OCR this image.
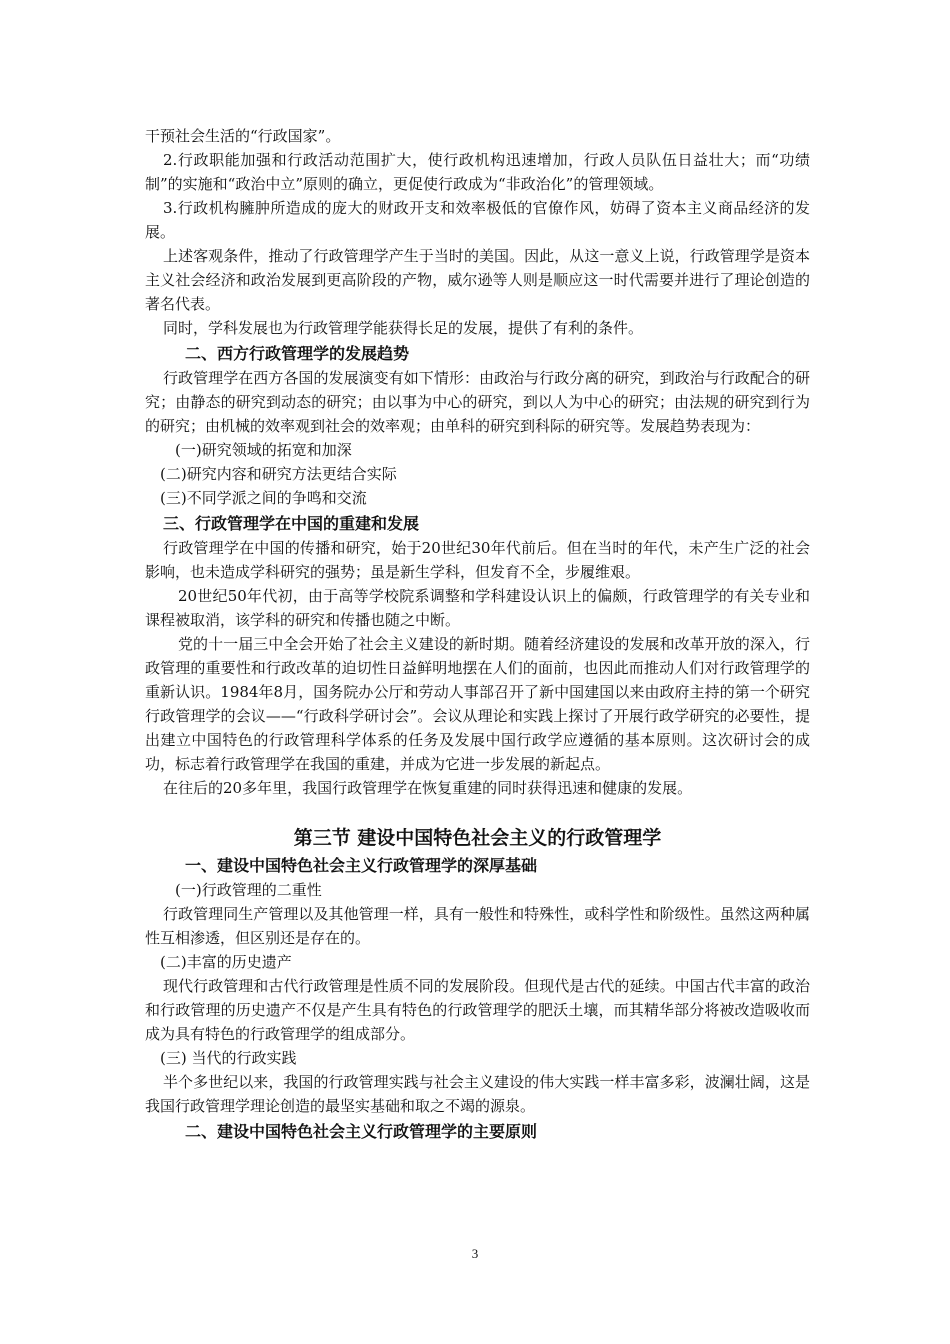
干预社会生活的“行政国家”。

2.行政职能加强和行政活动范围扩大，使行政机构迅速增加，行政人员队伍日益壮大；而“功绩制”的实施和“政治中立”原则的确立，更促使行政成为“非政治化”的管理领域。

3.行政机构臃肿所造成的庞大的财政开支和效率极低的官僚作风，妨碍了资本主义商品经济的发展。

上述客观条件，推动了行政管理学产生于当时的美国。因此，从这一意义上说，行政管理学是资本主义社会经济和政治发展到更高阶段的产物，威尔逊等人则是顺应这一时代需要并进行了理论创造的著名代表。

同时，学科发展也为行政管理学能获得长足的发展，提供了有利的条件。

二、西方行政管理学的发展趋势

行政管理学在西方各国的发展演变有如下情形：由政治与行政分离的研究，到政治与行政配合的研究；由静态的研究到动态的研究；由以事为中心的研究，到以人为中心的研究；由法规的研究到行为的研究；由机械的效率观到社会的效率观；由单科的研究到科际的研究等。发展趋势表现为：

(一)研究领域的拓宽和加深

(二)研究内容和研究方法更结合实际

(三)不同学派之间的争鸣和交流

三、行政管理学在中国的重建和发展

行政管理学在中国的传播和研究，始于20世纪30年代前后。但在当时的年代，未产生广泛的社会影响，也未造成学科研究的强势；虽是新生学科，但发育不全，步履维艰。

20世纪50年代初，由于高等学校院系调整和学科建设认识上的偏颇，行政管理学的有关专业和课程被取消，该学科的研究和传播也随之中断。

党的十一届三中全会开始了社会主义建设的新时期。随着经济建设的发展和改革开放的深入，行政管理的重要性和行政改革的迫切性日益鲜明地摆在人们的面前，也因此而推动人们对行政管理学的重新认识。1984年8月，国务院办公厅和劳动人事部召开了新中国建国以来由政府主持的第一个研究行政管理学的会议——“行政科学研讨会”。会议从理论和实践上探讨了开展行政学研究的必要性，提出建立中国特色的行政管理科学体系的任务及发展中国行政学应遵循的基本原则。这次研讨会的成功，标志着行政管理学在我国的重建，并成为它进一步发展的新起点。

在往后的20多年里，我国行政管理学在恢复重建的同时获得迅速和健康的发展。

第三节 建设中国特色社会主义的行政管理学

一、建设中国特色社会主义行政管理学的深厚基础

(一)行政管理的二重性

行政管理同生产管理以及其他管理一样，具有一般性和特殊性，或科学性和阶级性。虽然这两种属性互相渗透，但区别还是存在的。

(二)丰富的历史遗产

现代行政管理和古代行政管理是性质不同的发展阶段。但现代是古代的延续。中国古代丰富的政治和行政管理的历史遗产不仅是产生具有特色的行政管理学的肥沃土壤，而其精华部分将被改造吸收而成为具有特色的行政管理学的组成部分。

(三) 当代的行政实践

半个多世纪以来，我国的行政管理实践与社会主义建设的伟大实践一样丰富多彩，波澜壮阔，这是我国行政管理学理论创造的最坚实基础和取之不竭的源泉。

二、建设中国特色社会主义行政管理学的主要原则

3
